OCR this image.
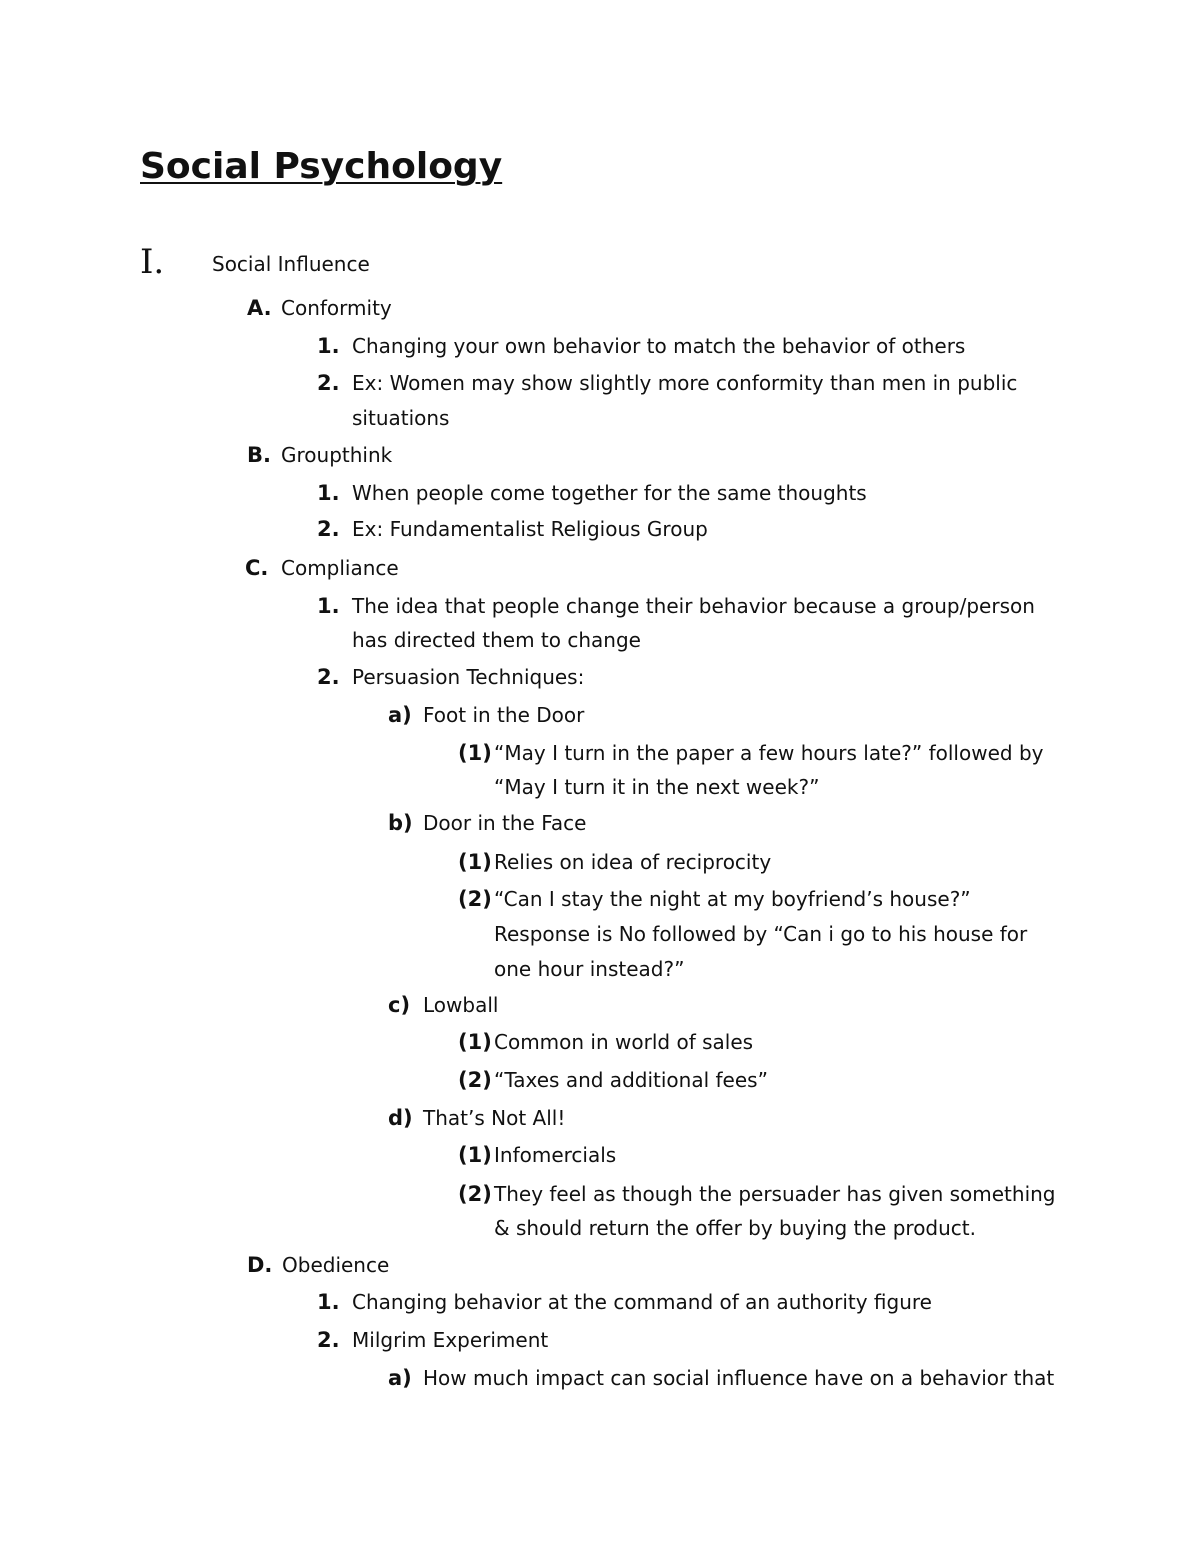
Social Psychology
I. Social Influence
A. Conformity
1. Changing your own behavior to match the behavior of others
2. Ex: Women may show slightly more conformity than men in public
situations
B. Groupthink
1. When people come together for the same thoughts
2. Ex: Fundamentalist Religious Group
C. Compliance
1. The idea that people change their behavior because a group/person
has directed them to change
2. Persuasion Techniques:
a) Foot in the Door
(1) “May I turn in the paper a few hours late?” followed by
“May I turn it in the next week?”
b) Door in the Face
(1) Relies on idea of reciprocity
(2) “Can I stay the night at my boyfriend’s house?”
Response is No followed by “Can i go to his house for
one hour instead?”
c) Lowball
(1) Common in world of sales
(2) “Taxes and additional fees”
d) That’s Not All!
(1) Infomercials
(2) They feel as though the persuader has given something
& should return the offer by buying the product.
D. Obedience
1. Changing behavior at the command of an authority figure
2. Milgrim Experiment
a) How much impact can social influence have on a behavior that
